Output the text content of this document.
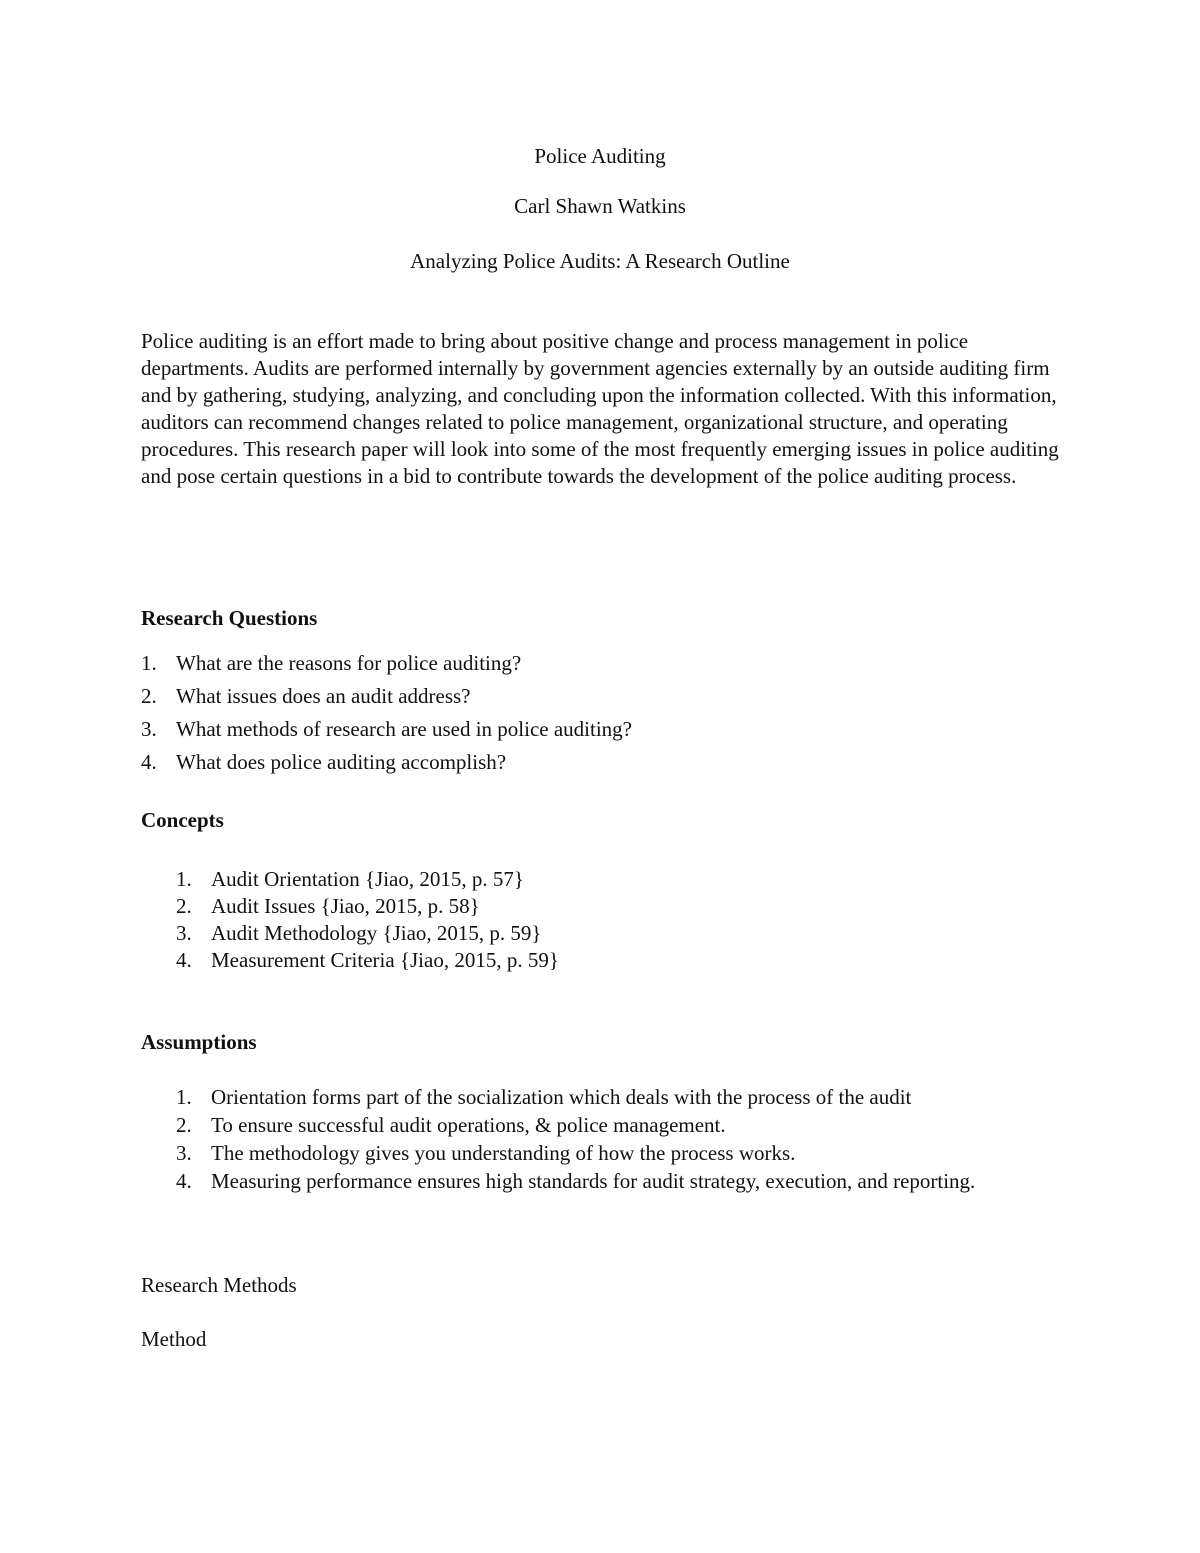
Police Auditing
Carl Shawn Watkins
Analyzing Police Audits: A Research Outline

Police auditing is an effort made to bring about positive change and process management in police departments. Audits are performed internally by government agencies externally by an outside auditing firm and by gathering, studying, analyzing, and concluding upon the information collected. With this information, auditors can recommend changes related to police management, organizational structure, and operating procedures. This research paper will look into some of the most frequently emerging issues in police auditing and pose certain questions in a bid to contribute towards the development of the police auditing process.

Research Questions
1. What are the reasons for police auditing?
2. What issues does an audit address?
3. What methods of research are used in police auditing?
4. What does police auditing accomplish?
Concepts
1. Audit Orientation {Jiao, 2015, p. 57}
2. Audit Issues {Jiao, 2015, p. 58}
3. Audit Methodology {Jiao, 2015, p. 59}
4. Measurement Criteria {Jiao, 2015, p. 59}
Assumptions
1. Orientation forms part of the socialization which deals with the process of the audit
2. To ensure successful audit operations, & police management.
3. The methodology gives you understanding of how the process works.
4. Measuring performance ensures high standards for audit strategy, execution, and reporting.

Research Methods

Method
